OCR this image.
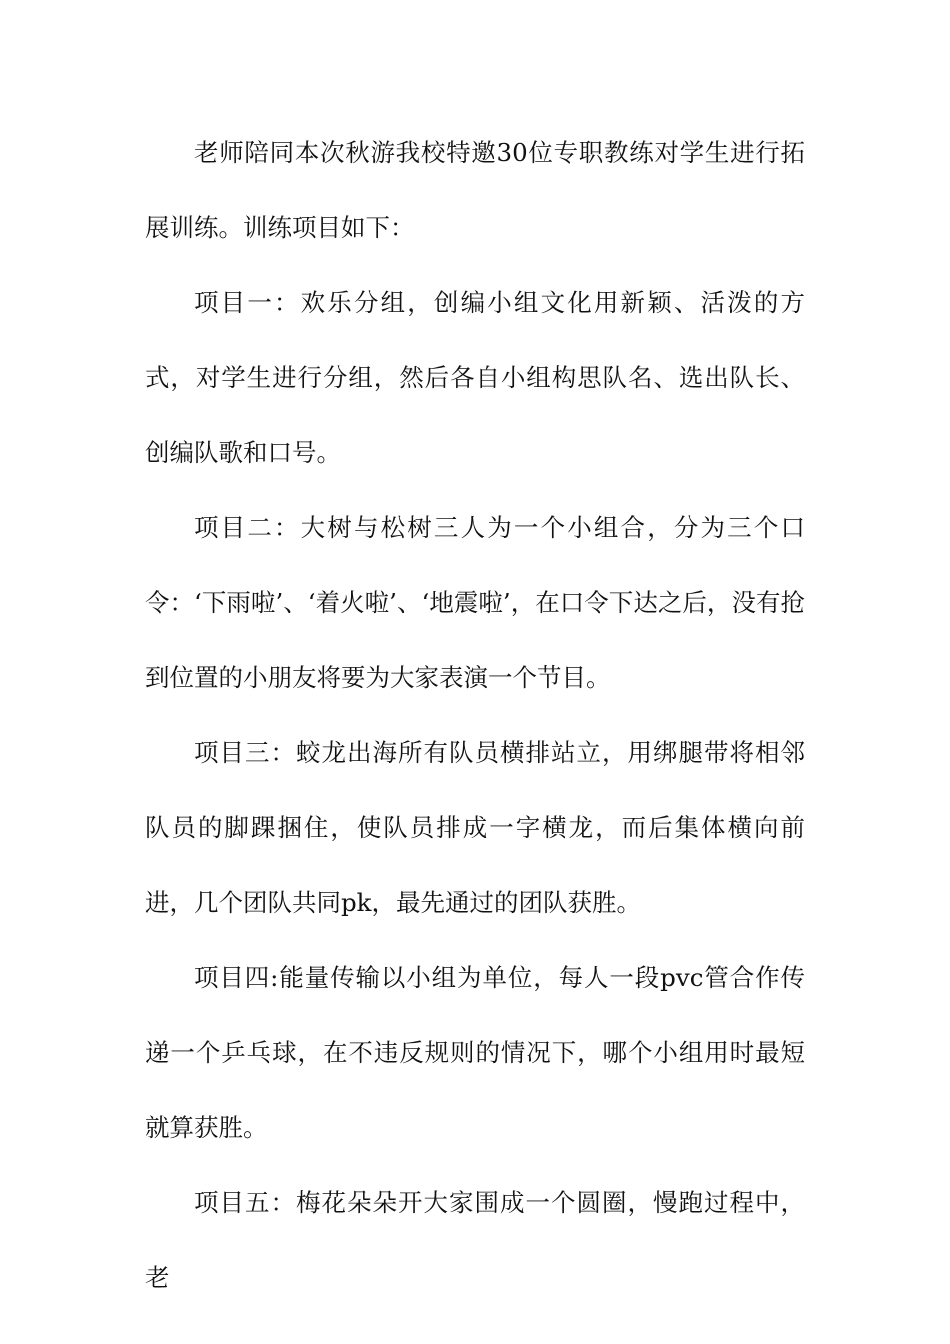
老师陪同本次秋游我校特邀30位专职教练对学生进行拓展训练。训练项目如下：

项目一：欢乐分组，创编小组文化用新颖、活泼的方式，对学生进行分组，然后各自小组构思队名、选出队长、创编队歌和口号。

项目二：大树与松树三人为一个小组合，分为三个口令：‘下雨啦’、‘着火啦’、‘地震啦’，在口令下达之后，没有抢到位置的小朋友将要为大家表演一个节目。

项目三：蛟龙出海所有队员横排站立，用绑腿带将相邻队员的脚踝捆住，使队员排成一字横龙，而后集体横向前进，几个团队共同pk，最先通过的团队获胜。

项目四:能量传输以小组为单位，每人一段pvc管合作传递一个乒乓球，在不违反规则的情况下，哪个小组用时最短就算获胜。

项目五：梅花朵朵开大家围成一个圆圈，慢跑过程中，老
